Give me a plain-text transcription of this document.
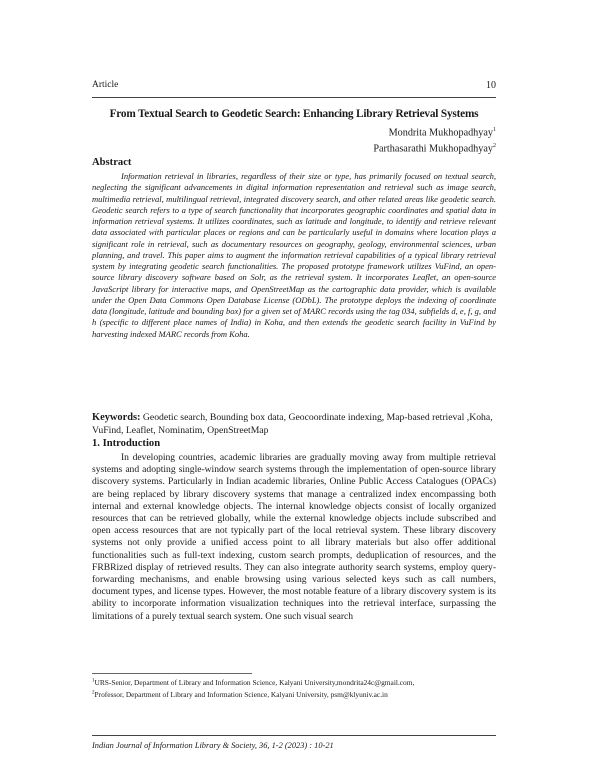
Article	10
From Textual Search to Geodetic Search: Enhancing Library Retrieval Systems
Mondrita Mukhopadhyay$^1$
Parthasarathi Mukhopadhyay$^2$
Abstract
Information retrieval in libraries, regardless of their size or type, has primarily focused on textual search, neglecting the significant advancements in digital information representation and retrieval such as image search, multimedia retrieval, multilingual retrieval, integrated discovery search, and other related areas like geodetic search. Geodetic search refers to a type of search functionality that incorporates geographic coordinates and spatial data in information retrieval systems. It utilizes coordinates, such as latitude and longitude, to identify and retrieve relevant data associated with particular places or regions and can be particularly useful in domains where location plays a significant role in retrieval, such as documentary resources on geography, geology, environmental sciences, urban planning, and travel. This paper aims to augment the information retrieval capabilities of a typical library retrieval system by integrating geodetic search functionalities. The proposed prototype framework utilizes VuFind, an open-source library discovery software based on Solr, as the retrieval system. It incorporates Leaflet, an open-source JavaScript library for interactive maps, and OpenStreetMap as the cartographic data provider, which is available under the Open Data Commons Open Database License (ODbL). The prototype deploys the indexing of coordinate data (longitude, latitude and bounding box) for a given set of MARC records using the tag 034, subfields d, e, f, g, and h (specific to different place names of India) in Koha, and then extends the geodetic search facility in VuFind by harvesting indexed MARC records from Koha.
Keywords: Geodetic search, Bounding box data, Geocoordinate indexing, Map-based retrieval ,Koha, VuFind, Leaflet, Nominatim, OpenStreetMap
1. Introduction
In developing countries, academic libraries are gradually moving away from multiple retrieval systems and adopting single-window search systems through the implementation of open-source library discovery systems. Particularly in Indian academic libraries, Online Public Access Catalogues (OPACs) are being replaced by library discovery systems that manage a centralized index encompassing both internal and external knowledge objects. The internal knowledge objects consist of locally organized resources that can be retrieved globally, while the external knowledge objects include subscribed and open access resources that are not typically part of the local retrieval system. These library discovery systems not only provide a unified access point to all library materials but also offer additional functionalities such as full-text indexing, custom search prompts, deduplication of resources, and the FRBRized display of retrieved results. They can also integrate authority search systems, employ query-forwarding mechanisms, and enable browsing using various selected keys such as call numbers, document types, and license types. However, the most notable feature of a library discovery system is its ability to incorporate information visualization techniques into the retrieval interface, surpassing the limitations of a purely textual search system. One such visual search
$^1$URS-Senior, Department of Library and Information Science, Kalyani University,mondrita24c@gmail.com,
$^2$Professor, Department of Library and Information Science, Kalyani University, psm@klyuniv.ac.in
Indian Journal of Information Library & Society, 36, 1-2 (2023) : 10-21
